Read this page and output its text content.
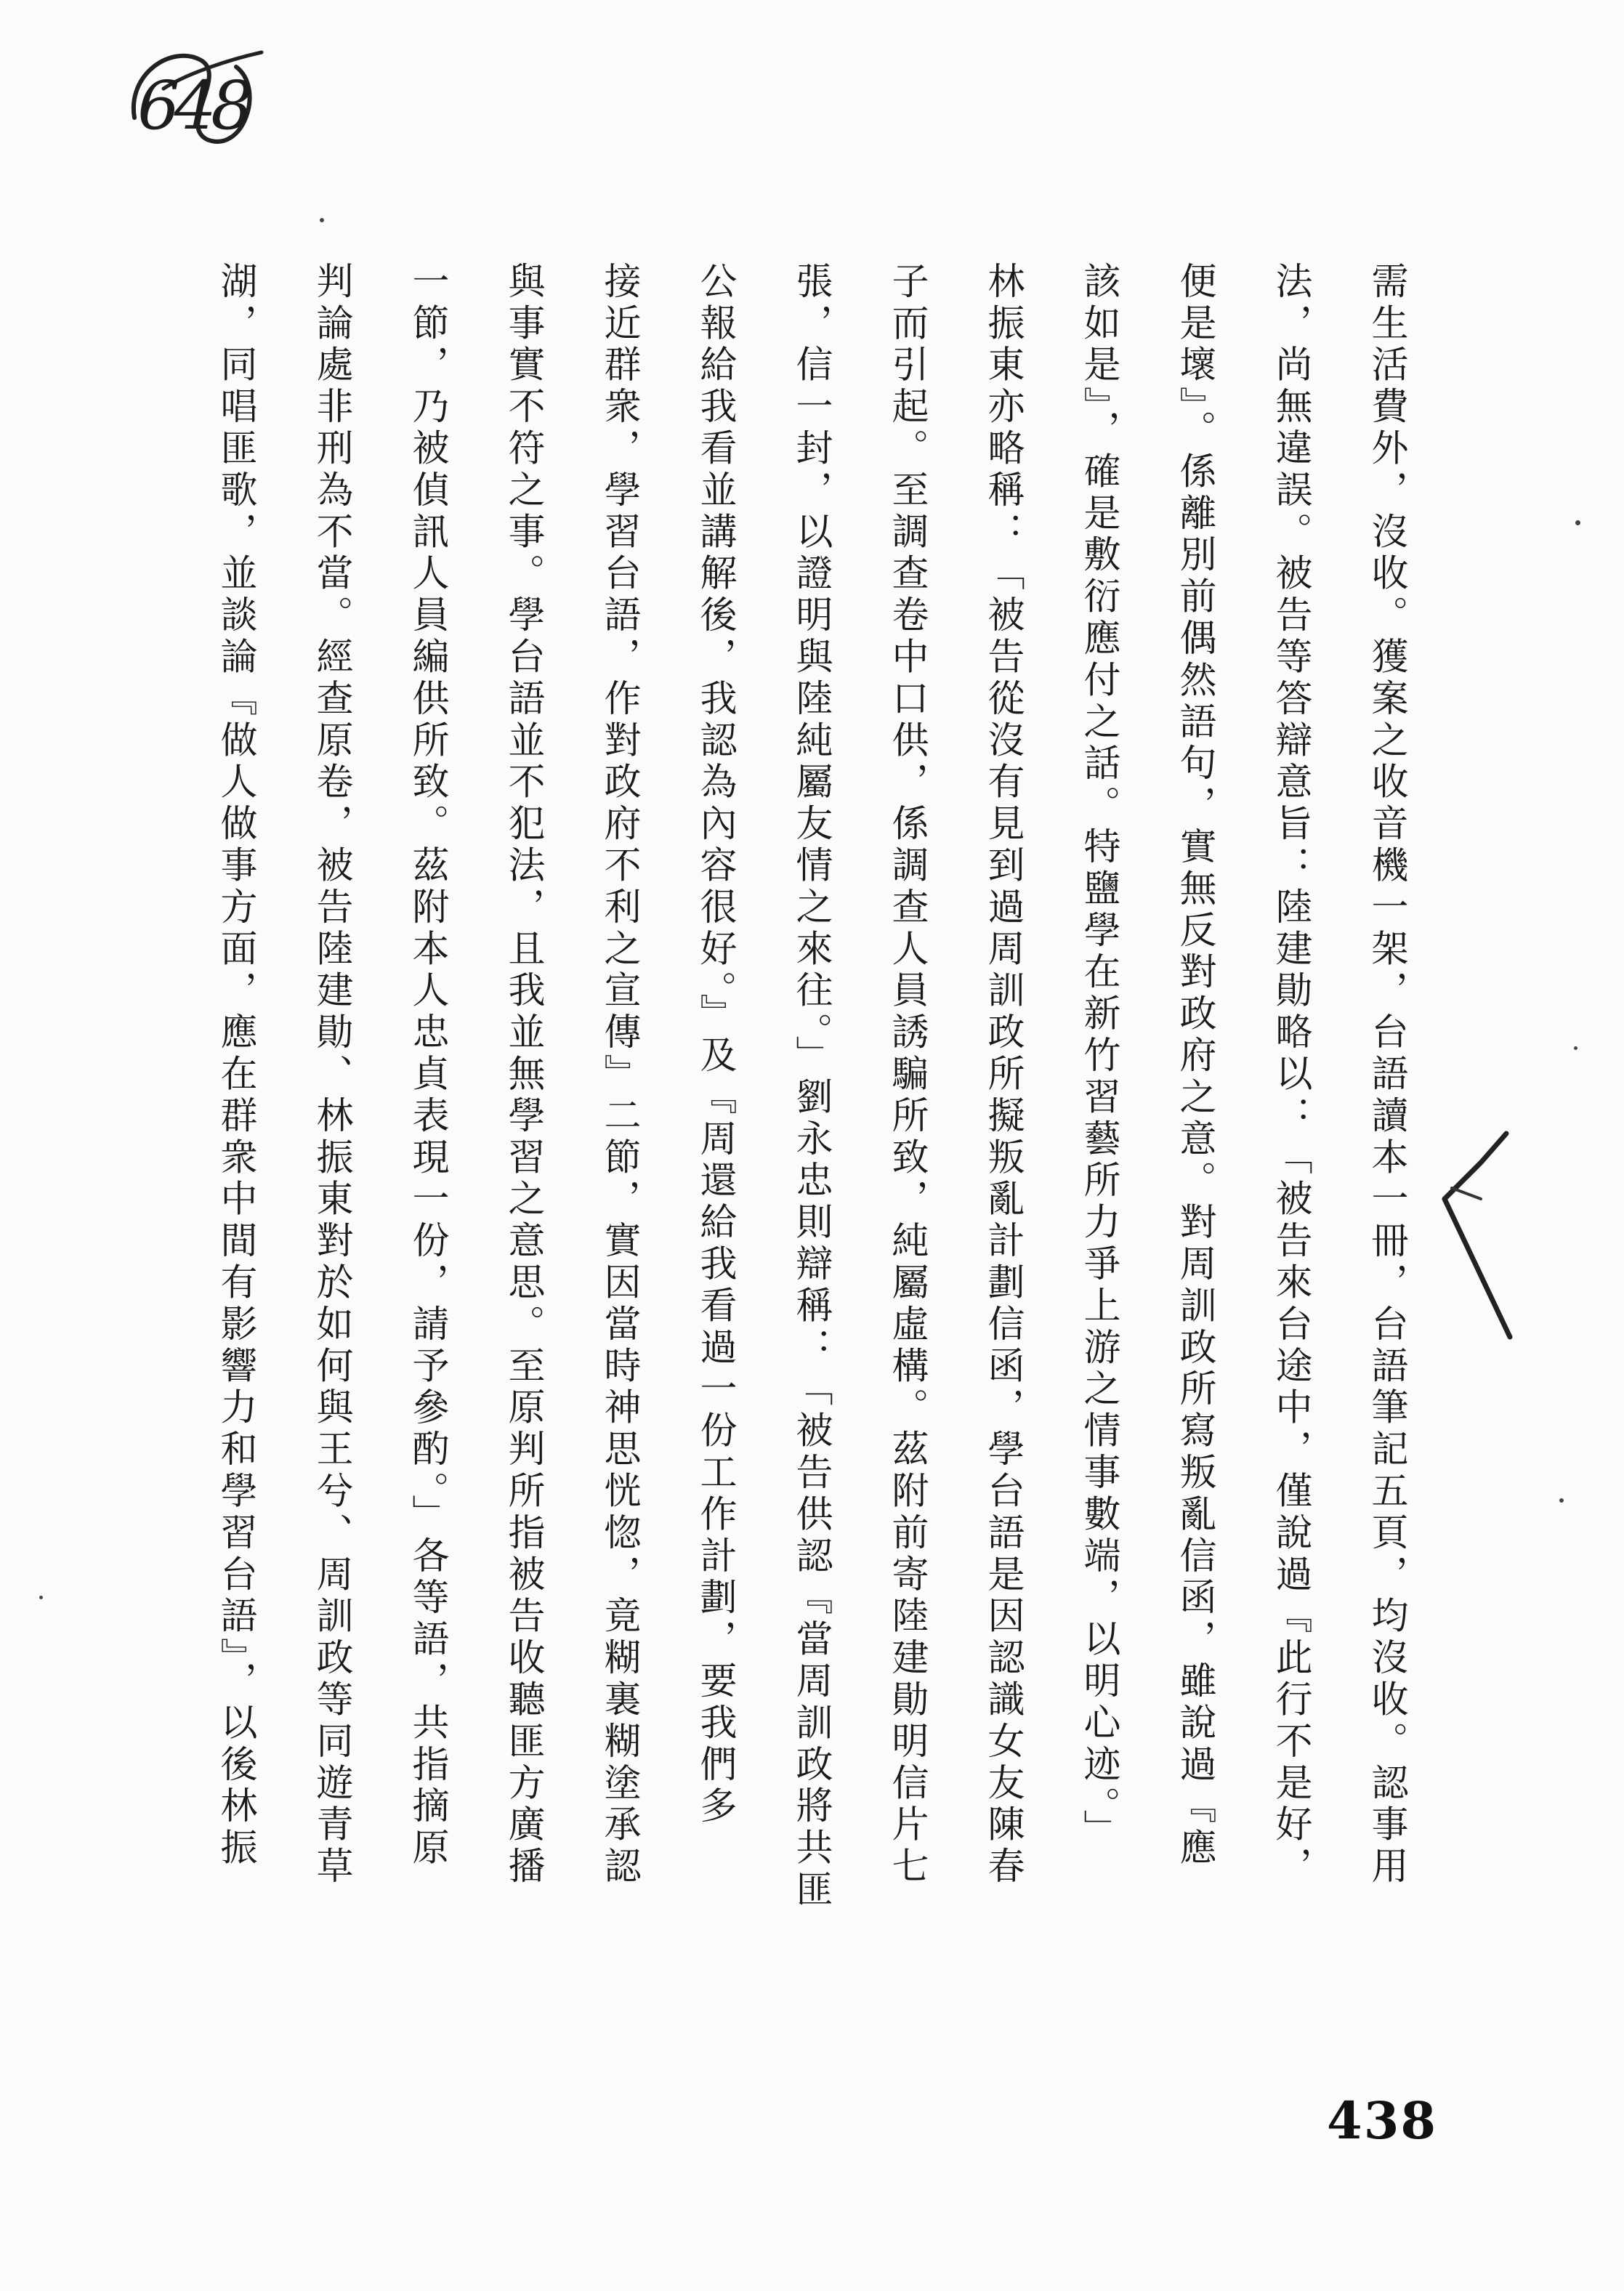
648
需生活費外，沒收。獲案之收音機一架，台語讀本一冊，台語筆記五頁，均沒收。認事用
法，尚無違誤。被告等答辯意旨：陸建勛略以：「被告來台途中，僅說過『此行不是好，
便是壞』。係離別前偶然語句，實無反對政府之意。對周訓政所寫叛亂信函，雖說過『應
該如是』，確是敷衍應付之話。特鹽學在新竹習藝所力爭上游之情事數端，以明心迹。」
林振東亦略稱：「被告從沒有見到過周訓政所擬叛亂計劃信函，學台語是因認識女友陳春
子而引起。至調查卷中口供，係調查人員誘騙所致，純屬虛構。茲附前寄陸建勛明信片七
張，信一封，以證明與陸純屬友情之來往。」劉永忠則辯稱：「被告供認『當周訓政將共匪
公報給我看並講解後，我認為內容很好。』及『周還給我看過一份工作計劃，要我們多
接近群衆，學習台語，作對政府不利之宣傳』二節，實因當時神思恍惚，竟糊裏糊塗承認
與事實不符之事。學台語並不犯法，且我並無學習之意思。至原判所指被告收聽匪方廣播
一節，乃被偵訊人員編供所致。茲附本人忠貞表現一份，請予參酌。」各等語，共指摘原
判論處非刑為不當。經查原卷，被告陸建勛、林振東對於如何與王兮、周訓政等同遊青草
湖，同唱匪歌，並談論『做人做事方面，應在群衆中間有影響力和學習台語』，以後林振
438
